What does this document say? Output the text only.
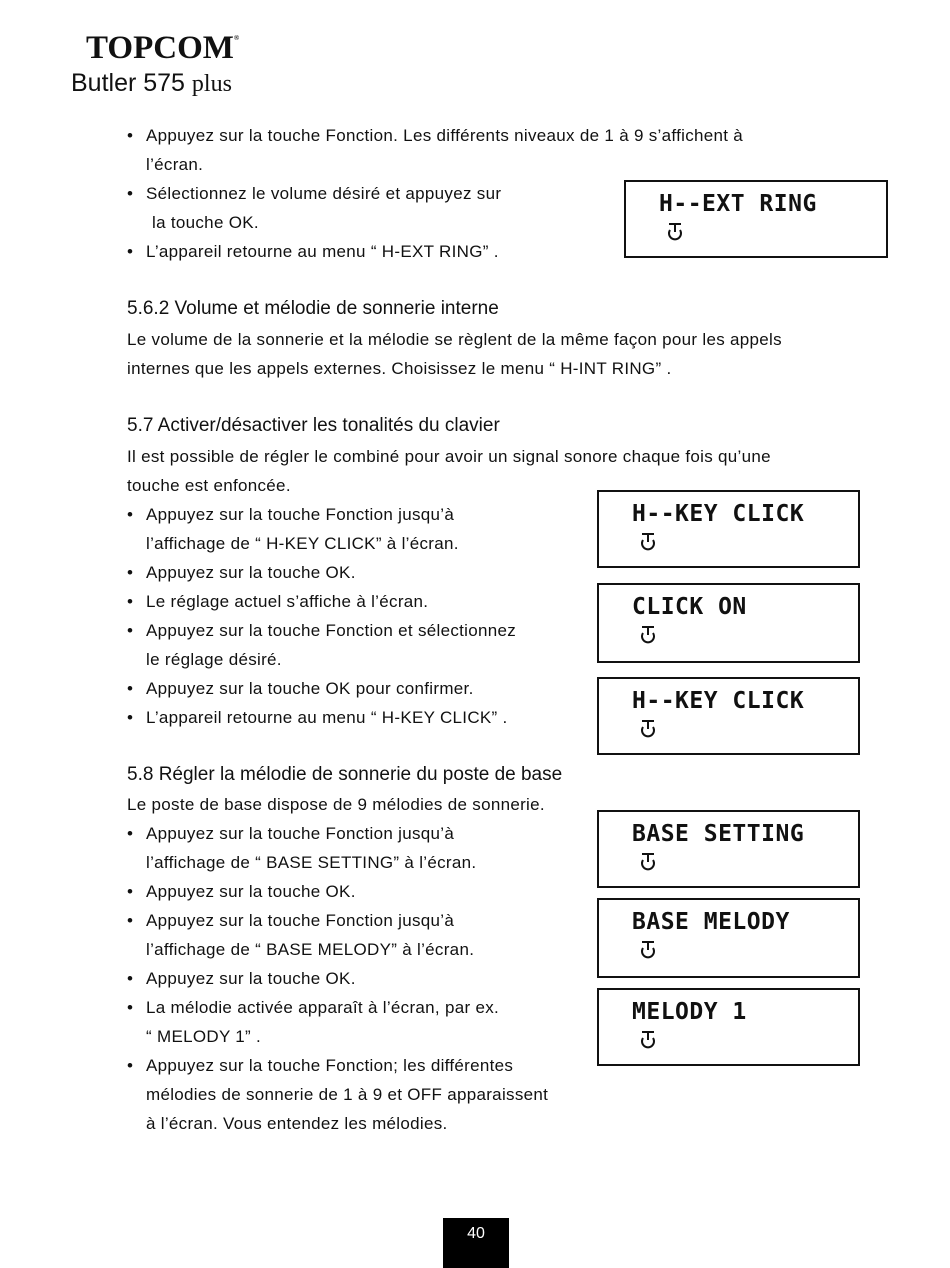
TOPCOM®
Butler 575 plus
• Appuyez sur la touche Fonction. Les différents niveaux de 1 à 9 s’affichent à
l’écran.
• Sélectionnez le volume désiré et appuyez sur
la touche OK.
• L’appareil retourne au menu “ H-EXT RING” .
5.6.2 Volume et mélodie de sonnerie interne
Le volume de la sonnerie et la mélodie se règlent de la même façon pour les appels
internes que les appels externes. Choisissez le menu “ H-INT RING” .
5.7 Activer/désactiver les tonalités du clavier
Il est possible de régler le combiné pour avoir un signal sonore chaque fois qu’une
touche est enfoncée.
• Appuyez sur la touche Fonction jusqu’à
l’affichage de “ H-KEY CLICK” à l’écran.
• Appuyez sur la touche OK.
• Le réglage actuel s’affiche à l’écran.
• Appuyez sur la touche Fonction et sélectionnez
le réglage désiré.
• Appuyez sur la touche OK pour confirmer.
• L’appareil retourne au menu “ H-KEY CLICK” .
5.8 Régler la mélodie de sonnerie du poste de base
Le poste de base dispose de 9 mélodies de sonnerie.
• Appuyez sur la touche Fonction jusqu’à
l’affichage de “ BASE SETTING” à l’écran.
• Appuyez sur la touche OK.
• Appuyez sur la touche Fonction jusqu’à
l’affichage de “ BASE MELODY” à l’écran.
• Appuyez sur la touche OK.
• La mélodie activée apparaît à l’écran, par ex.
“ MELODY 1” .
• Appuyez sur la touche Fonction; les différentes
mélodies de sonnerie de 1 à 9 et OFF apparaissent
à l’écran. Vous entendez les mélodies.
H--EXT RING
H--KEY CLICK
CLICK ON
H--KEY CLICK
BASE SETTING
BASE MELODY
MELODY 1
40
